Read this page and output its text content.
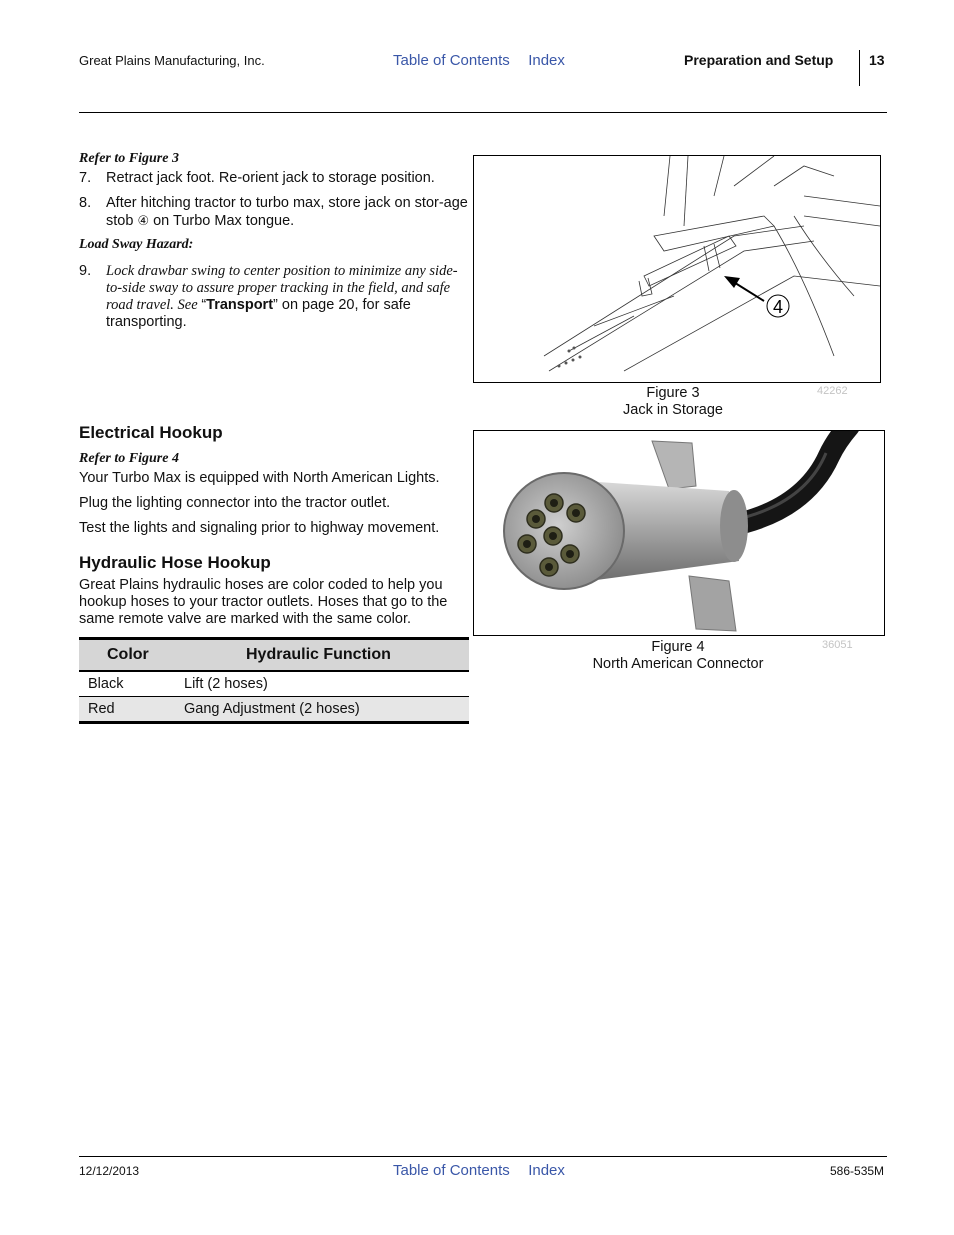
Great Plains Manufacturing, Inc.	Table of Contents Index	Preparation and Setup	13
Refer to Figure 3
7. Retract jack foot. Re-orient jack to storage position.
8. After hitching tractor to turbo max, store jack on stor-age stob ④ on Turbo Max tongue.
Load Sway Hazard:
9. Lock drawbar swing to center position to minimize any side-to-side sway to assure proper tracking in the field, and safe road travel. See “Transport” on page 20, for safe transporting.
4
Figure 3
Jack in Storage
42262
Electrical Hookup
Refer to Figure 4
Your Turbo Max is equipped with North American Lights.
Plug the lighting connector into the tractor outlet.
Test the lights and signaling prior to highway movement.
Hydraulic Hose Hookup
Great Plains hydraulic hoses are color coded to help you hookup hoses to your tractor outlets. Hoses that go to the same remote valve are marked with the same color.
Color	Hydraulic Function
Black	Lift (2 hoses)
Red	Gang Adjustment (2 hoses)
Figure 4
North American Connector
36051
12/12/2013	Table of Contents Index	586-535M
